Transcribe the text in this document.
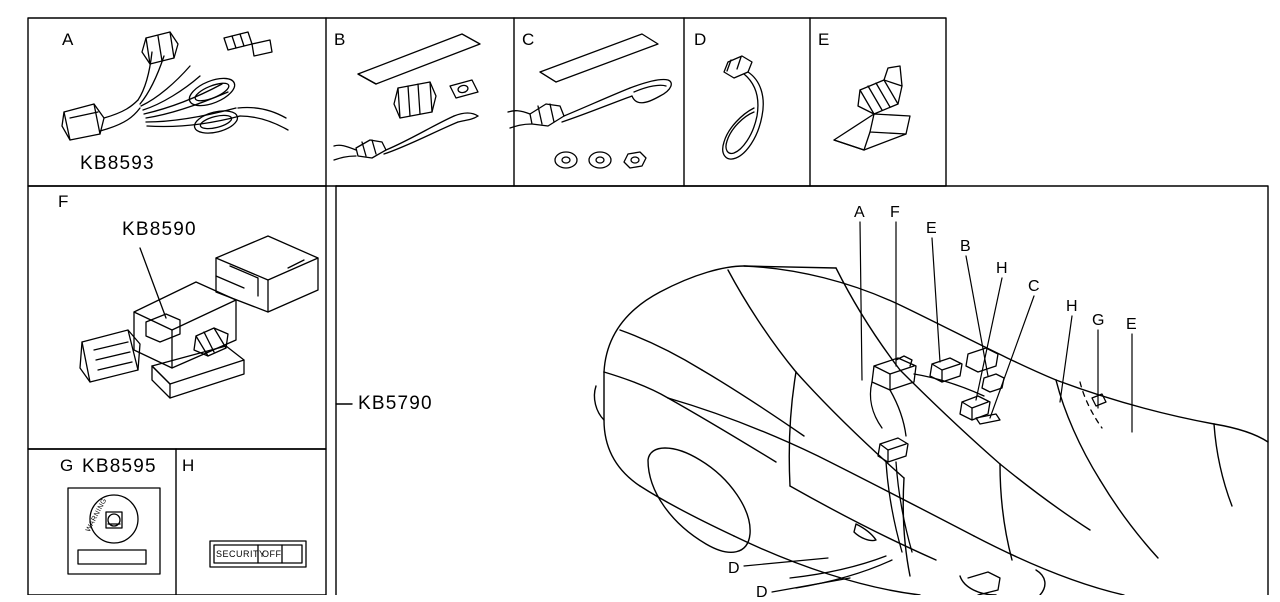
A
KB8593
B	C	D	E
F
KB8590
G KB8595 H
KB5790
WARNING
SECURITY
OFF
A F
E
B
H
C
H
G E
D
D
